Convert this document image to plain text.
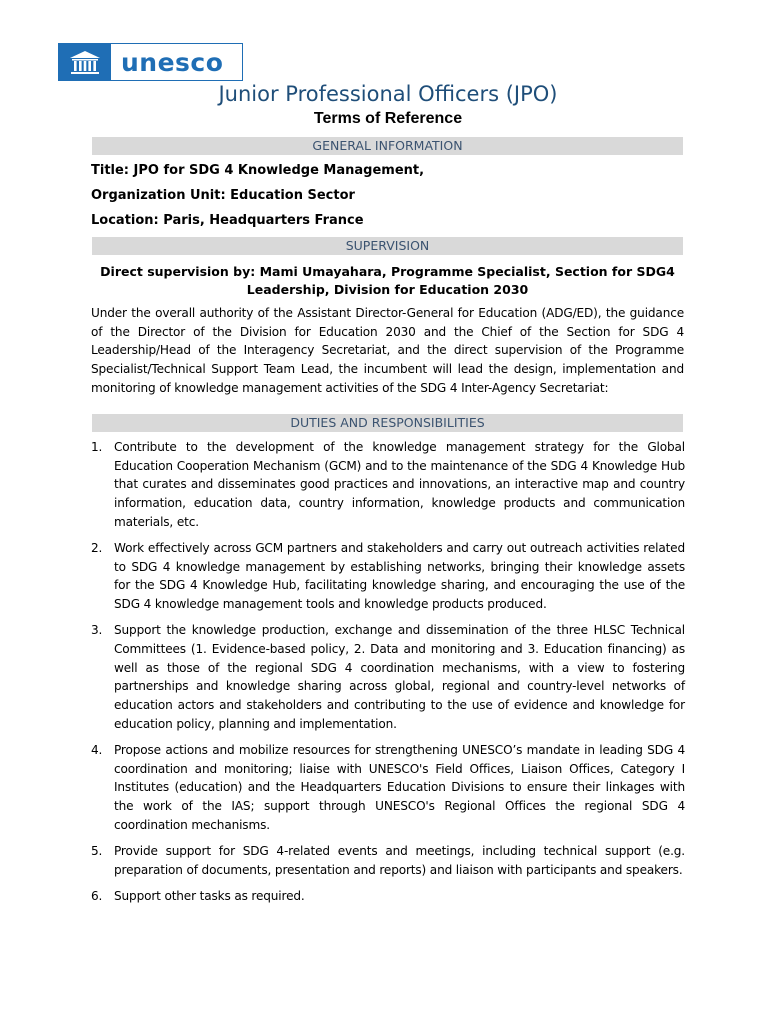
unesco
Junior Professional Officers (JPO)
Terms of Reference
GENERAL INFORMATION
Title: JPO for SDG 4 Knowledge Management,
Organization Unit: Education Sector
Location: Paris, Headquarters France
SUPERVISION
Direct supervision by: Mami Umayahara, Programme Specialist, Section for SDG4 Leadership, Division for Education 2030
Under the overall authority of the Assistant Director-General for Education (ADG/ED), the guidance of the Director of the Division for Education 2030 and the Chief of the Section for SDG 4 Leadership/Head of the Interagency Secretariat, and the direct supervision of the Programme Specialist/Technical Support Team Lead, the incumbent will lead the design, implementation and monitoring of knowledge management activities of the SDG 4 Inter-Agency Secretariat:
DUTIES AND RESPONSIBILITIES
1. Contribute to the development of the knowledge management strategy for the Global Education Cooperation Mechanism (GCM) and to the maintenance of the SDG 4 Knowledge Hub that curates and disseminates good practices and innovations, an interactive map and country information, education data, country information, knowledge products and communication materials, etc.
2. Work effectively across GCM partners and stakeholders and carry out outreach activities related to SDG 4 knowledge management by establishing networks, bringing their knowledge assets for the SDG 4 Knowledge Hub, facilitating knowledge sharing, and encouraging the use of the SDG 4 knowledge management tools and knowledge products produced.
3. Support the knowledge production, exchange and dissemination of the three HLSC Technical Committees (1. Evidence-based policy, 2. Data and monitoring and 3. Education financing) as well as those of the regional SDG 4 coordination mechanisms, with a view to fostering partnerships and knowledge sharing across global, regional and country-level networks of education actors and stakeholders and contributing to the use of evidence and knowledge for education policy, planning and implementation.
4. Propose actions and mobilize resources for strengthening UNESCO’s mandate in leading SDG 4 coordination and monitoring; liaise with UNESCO's Field Offices, Liaison Offices, Category I Institutes (education) and the Headquarters Education Divisions to ensure their linkages with the work of the IAS; support through UNESCO's Regional Offices the regional SDG 4 coordination mechanisms.
5. Provide support for SDG 4-related events and meetings, including technical support (e.g. preparation of documents, presentation and reports) and liaison with participants and speakers.
6. Support other tasks as required.
